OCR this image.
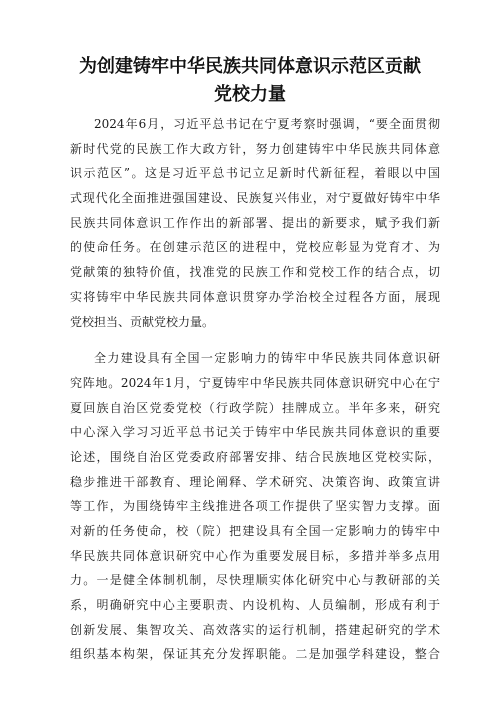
为创建铸牢中华民族共同体意识示范区贡献
党校力量
2024年6月，习近平总书记在宁夏考察时强调，“要全面贯彻
新时代党的民族工作大政方针，努力创建铸牢中华民族共同体意
识示范区”。这是习近平总书记立足新时代新征程，着眼以中国
式现代化全面推进强国建设、民族复兴伟业，对宁夏做好铸牢中华
民族共同体意识工作作出的新部署、提出的新要求，赋予我们新
的使命任务。在创建示范区的进程中，党校应彰显为党育才、为
党献策的独特价值，找准党的民族工作和党校工作的结合点，切
实将铸牢中华民族共同体意识贯穿办学治校全过程各方面，展现
党校担当、贡献党校力量。
全力建设具有全国一定影响力的铸牢中华民族共同体意识研
究阵地。2024年1月，宁夏铸牢中华民族共同体意识研究中心在宁
夏回族自治区党委党校（行政学院）挂牌成立。半年多来，研究
中心深入学习习近平总书记关于铸牢中华民族共同体意识的重要
论述，围绕自治区党委政府部署安排、结合民族地区党校实际，
稳步推进干部教育、理论阐释、学术研究、决策咨询、政策宣讲
等工作，为围绕铸牢主线推进各项工作提供了坚实智力支撑。面
对新的任务使命，校（院）把建设具有全国一定影响力的铸牢中
华民族共同体意识研究中心作为重要发展目标，多措并举多点用
力。一是健全体制机制，尽快理顺实体化研究中心与教研部的关
系，明确研究中心主要职责、内设机构、人员编制，形成有利于
创新发展、集智攻关、高效落实的运行机制，搭建起研究的学术
组织基本构架，保证其充分发挥职能。二是加强学科建设，整合
